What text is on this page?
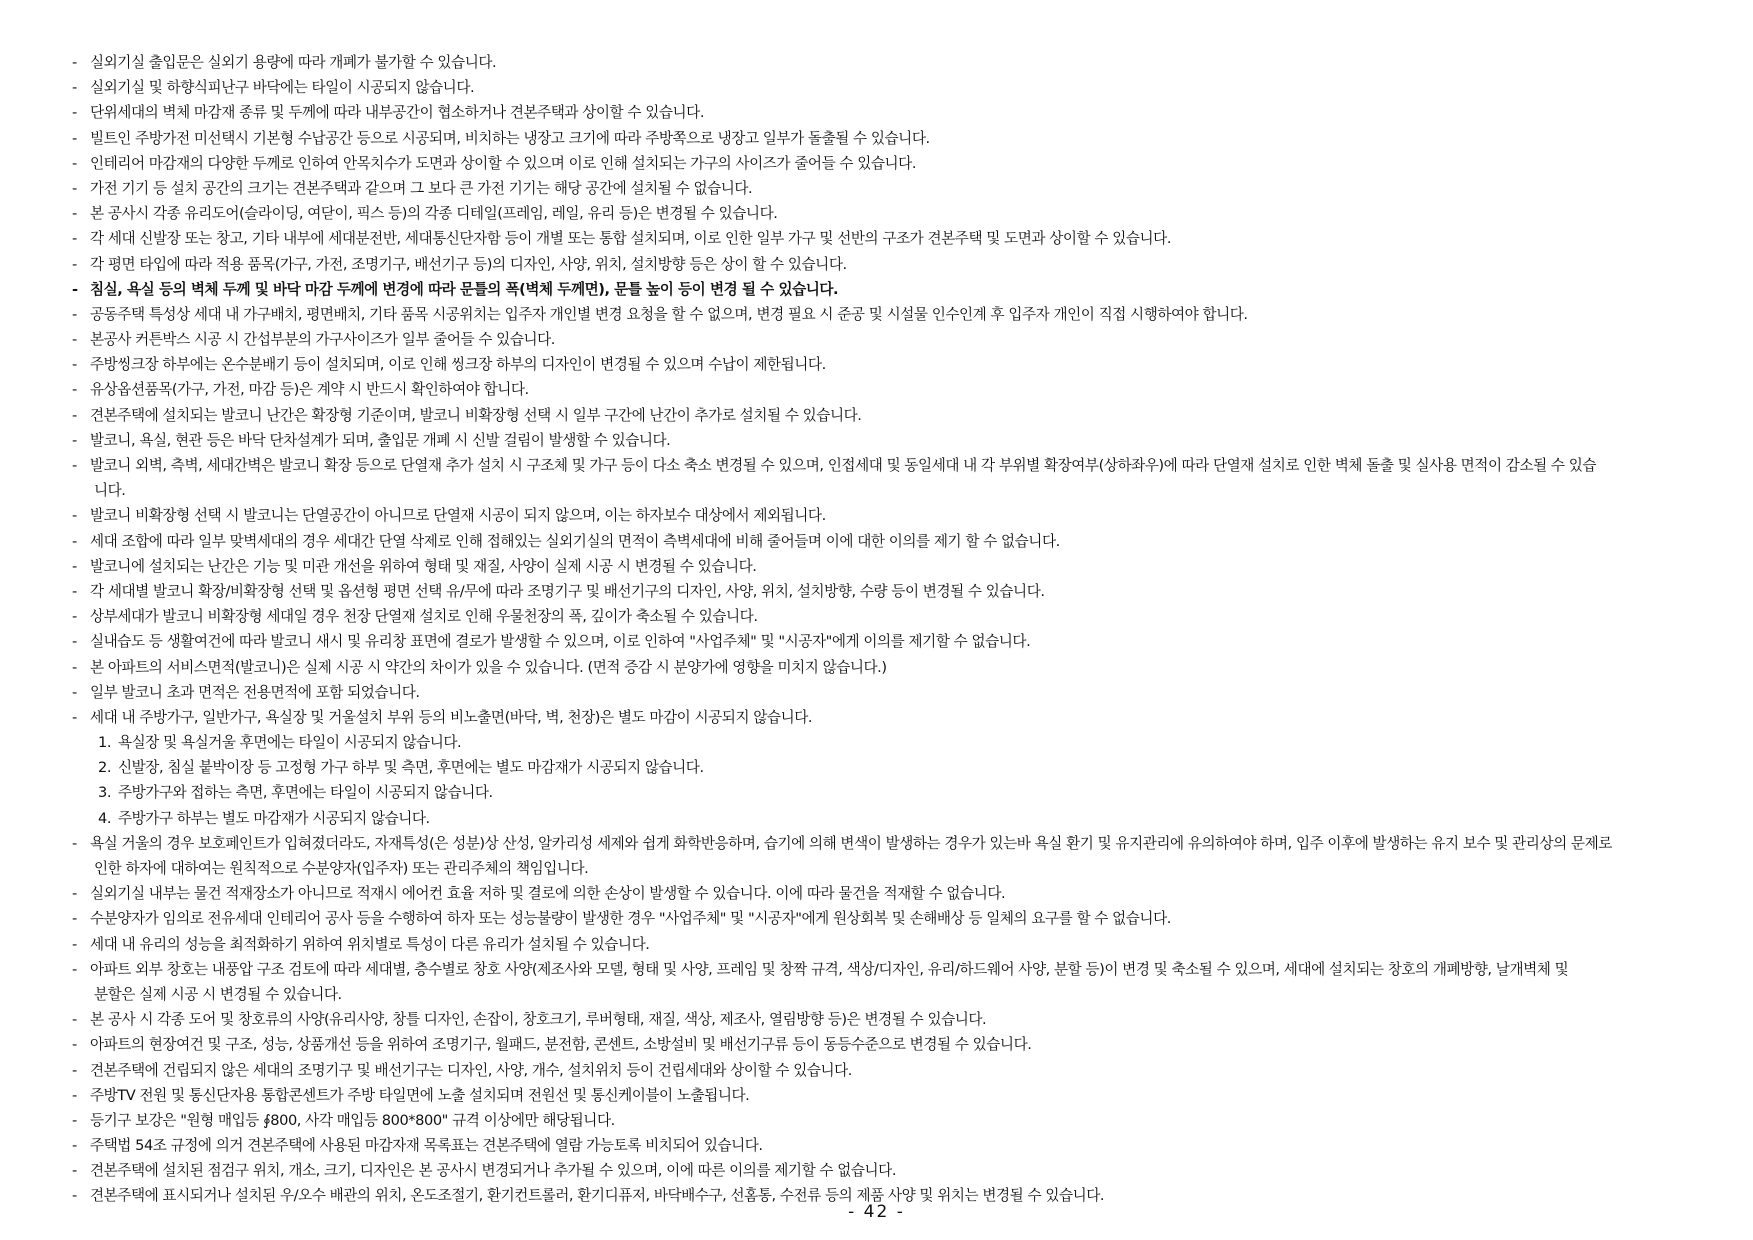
- 실외기실 출입문은 실외기 용량에 따라 개폐가 불가할 수 있습니다.
- 실외기실 및 하향식피난구 바닥에는 타일이 시공되지 않습니다.
- 단위세대의 벽체 마감재 종류 및 두께에 따라 내부공간이 협소하거나 견본주택과 상이할 수 있습니다.
- 빌트인 주방가전 미선택시 기본형 수납공간 등으로 시공되며, 비치하는 냉장고 크기에 따라 주방쪽으로 냉장고 일부가 돌출될 수 있습니다.
- 인테리어 마감재의 다양한 두께로 인하여 안목치수가 도면과 상이할 수 있으며 이로 인해 설치되는 가구의 사이즈가 줄어들 수 있습니다.
- 가전 기기 등 설치 공간의 크기는 견본주택과 같으며 그 보다 큰 가전 기기는 해당 공간에 설치될 수 없습니다.
- 본 공사시 각종 유리도어(슬라이딩, 여닫이, 픽스 등)의 각종 디테일(프레임, 레일, 유리 등)은 변경될 수 있습니다.
- 각 세대 신발장 또는 창고, 기타 내부에 세대분전반, 세대통신단자함 등이 개별 또는 통합 설치되며, 이로 인한 일부 가구 및 선반의 구조가 견본주택 및 도면과 상이할 수 있습니다.
- 각 평면 타입에 따라 적용 품목(가구, 가전, 조명기구, 배선기구 등)의 디자인, 사양, 위치, 설치방향 등은 상이 할 수 있습니다.
- 침실, 욕실 등의 벽체 두께 및 바닥 마감 두께에 변경에 따라 문틀의 폭(벽체 두께면), 문틀 높이 등이 변경 될 수 있습니다.
- 공동주택 특성상 세대 내 가구배치, 평면배치, 기타 품목 시공위치는 입주자 개인별 변경 요청을 할 수 없으며, 변경 필요 시 준공 및 시설물 인수인계 후 입주자 개인이 직접 시행하여야 합니다.
- 본공사 커튼박스 시공 시 간섭부분의 가구사이즈가 일부 줄어들 수 있습니다.
- 주방씽크장 하부에는 온수분배기 등이 설치되며, 이로 인해 씽크장 하부의 디자인이 변경될 수 있으며 수납이 제한됩니다.
- 유상옵션품목(가구, 가전, 마감 등)은 계약 시 반드시 확인하여야 합니다.
- 견본주택에 설치되는 발코니 난간은 확장형 기준이며, 발코니 비확장형 선택 시 일부 구간에 난간이 추가로 설치될 수 있습니다.
- 발코니, 욕실, 현관 등은 바닥 단차설계가 되며, 출입문 개폐 시 신발 걸림이 발생할 수 있습니다.
- 발코니 외벽, 측벽, 세대간벽은 발코니 확장 등으로 단열재 추가 설치 시 구조체 및 가구 등이 다소 축소 변경될 수 있으며, 인접세대 및 동일세대 내 각 부위별 확장여부(상하좌우)에 따라 단열재 설치로 인한 벽체 돌출 및 실사용 면적이 감소될 수 있습
니다.
- 발코니 비확장형 선택 시 발코니는 단열공간이 아니므로 단열재 시공이 되지 않으며, 이는 하자보수 대상에서 제외됩니다.
- 세대 조합에 따라 일부 맞벽세대의 경우 세대간 단열 삭제로 인해 접해있는 실외기실의 면적이 측벽세대에 비해 줄어들며 이에 대한 이의를 제기 할 수 없습니다.
- 발코니에 설치되는 난간은 기능 및 미관 개선을 위하여 형태 및 재질, 사양이 실제 시공 시 변경될 수 있습니다.
- 각 세대별 발코니 확장/비확장형 선택 및 옵션형 평면 선택 유/무에 따라 조명기구 및 배선기구의 디자인, 사양, 위치, 설치방향, 수량 등이 변경될 수 있습니다.
- 상부세대가 발코니 비확장형 세대일 경우 천장 단열재 설치로 인해 우물천장의 폭, 깊이가 축소될 수 있습니다.
- 실내습도 등 생활여건에 따라 발코니 새시 및 유리창 표면에 결로가 발생할 수 있으며, 이로 인하여 "사업주체" 및 "시공자"에게 이의를 제기할 수 없습니다.
- 본 아파트의 서비스면적(발코니)은 실제 시공 시 약간의 차이가 있을 수 있습니다. (면적 증감 시 분양가에 영향을 미치지 않습니다.)
- 일부 발코니 초과 면적은 전용면적에 포함 되었습니다.
- 세대 내 주방가구, 일반가구, 욕실장 및 거울설치 부위 등의 비노출면(바닥, 벽, 천장)은 별도 마감이 시공되지 않습니다.
1. 욕실장 및 욕실거울 후면에는 타일이 시공되지 않습니다.
2. 신발장, 침실 붙박이장 등 고정형 가구 하부 및 측면, 후면에는 별도 마감재가 시공되지 않습니다.
3. 주방가구와 접하는 측면, 후면에는 타일이 시공되지 않습니다.
4. 주방가구 하부는 별도 마감재가 시공되지 않습니다.
- 욕실 거울의 경우 보호페인트가 입혀졌더라도, 자재특성(은 성분)상 산성, 알카리성 세제와 쉽게 화학반응하며, 습기에 의해 변색이 발생하는 경우가 있는바 욕실 환기 및 유지관리에 유의하여야 하며, 입주 이후에 발생하는 유지 보수 및 관리상의 문제로
인한 하자에 대하여는 원칙적으로 수분양자(입주자) 또는 관리주체의 책임입니다.
- 실외기실 내부는 물건 적재장소가 아니므로 적재시 에어컨 효율 저하 및 결로에 의한 손상이 발생할 수 있습니다. 이에 따라 물건을 적재할 수 없습니다.
- 수분양자가 임의로 전유세대 인테리어 공사 등을 수행하여 하자 또는 성능불량이 발생한 경우 "사업주체" 및 "시공자"에게 원상회복 및 손해배상 등 일체의 요구를 할 수 없습니다.
- 세대 내 유리의 성능을 최적화하기 위하여 위치별로 특성이 다른 유리가 설치될 수 있습니다.
- 아파트 외부 창호는 내풍압 구조 검토에 따라 세대별, 층수별로 창호 사양(제조사와 모델, 형태 및 사양, 프레임 및 창짝 규격, 색상/디자인, 유리/하드웨어 사양, 분할 등)이 변경 및 축소될 수 있으며, 세대에 설치되는 창호의 개폐방향, 날개벽체 및
분할은 실제 시공 시 변경될 수 있습니다.
- 본 공사 시 각종 도어 및 창호류의 사양(유리사양, 창틀 디자인, 손잡이, 창호크기, 루버형태, 재질, 색상, 제조사, 열림방향 등)은 변경될 수 있습니다.
- 아파트의 현장여건 및 구조, 성능, 상품개선 등을 위하여 조명기구, 월패드, 분전함, 콘센트, 소방설비 및 배선기구류 등이 동등수준으로 변경될 수 있습니다.
- 견본주택에 건립되지 않은 세대의 조명기구 및 배선기구는 디자인, 사양, 개수, 설치위치 등이 건립세대와 상이할 수 있습니다.
- 주방TV 전원 및 통신단자용 통합콘센트가 주방 타일면에 노출 설치되며 전원선 및 통신케이블이 노출됩니다.
- 등기구 보강은 "원형 매입등 ∮800, 사각 매입등 800*800" 규격 이상에만 해당됩니다.
- 주택법 54조 규정에 의거 견본주택에 사용된 마감자재 목록표는 견본주택에 열람 가능토록 비치되어 있습니다.
- 견본주택에 설치된 점검구 위치, 개소, 크기, 디자인은 본 공사시 변경되거나 추가될 수 있으며, 이에 따른 이의를 제기할 수 없습니다.
- 견본주택에 표시되거나 설치된 우/오수 배관의 위치, 온도조절기, 환기컨트롤러, 환기디퓨저, 바닥배수구, 선홈통, 수전류 등의 제품 사양 및 위치는 변경될 수 있습니다.
- 42 -
